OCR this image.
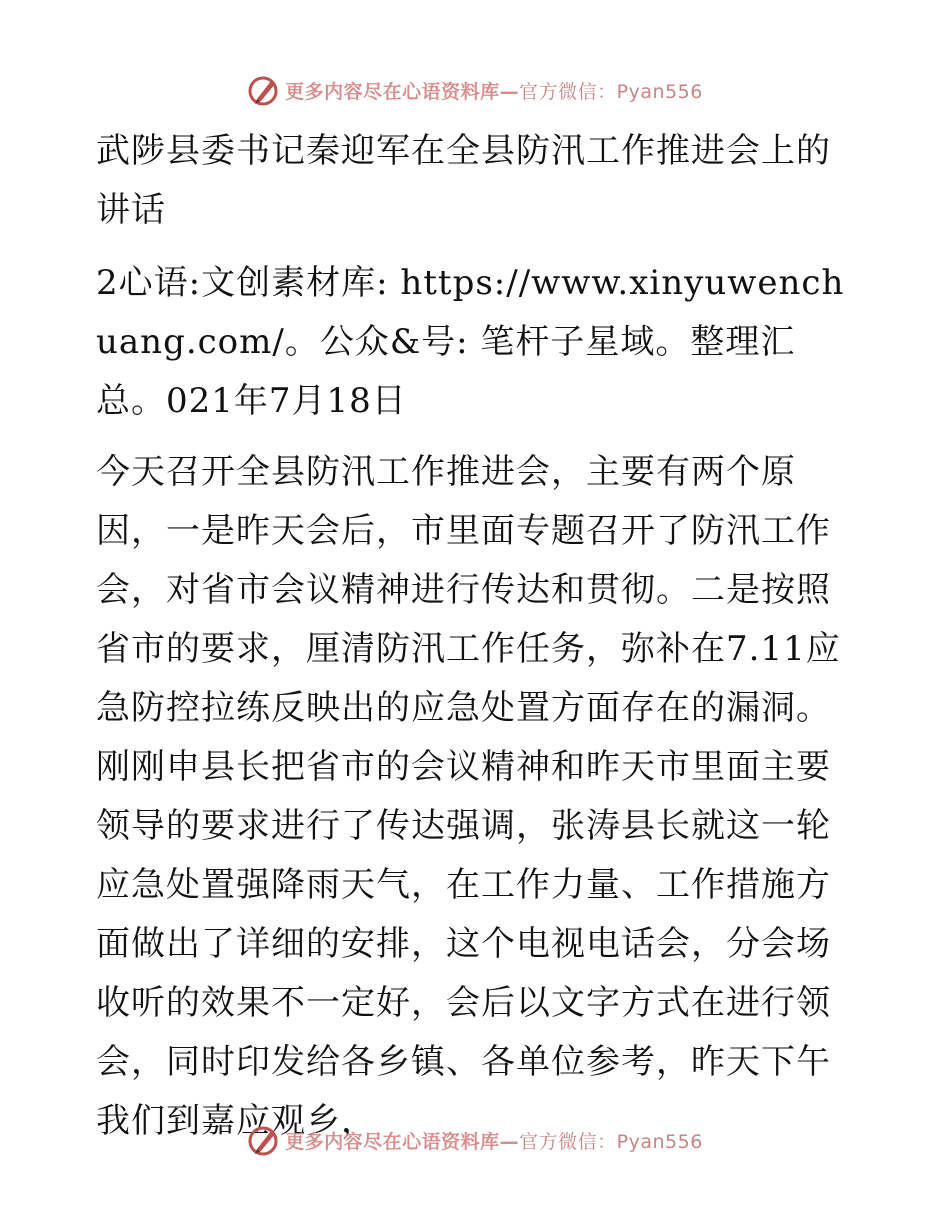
更多内容尽在心语资料库—官方微信：Pyan556

武陟县委书记秦迎军在全县防汛工作推进会上的讲话

2心语:文创素材库: https://www.xinyuwenchuang.com/。公众&号: 笔杆子星域。整理汇总。021年7月18日

今天召开全县防汛工作推进会，主要有两个原因，一是昨天会后，市里面专题召开了防汛工作会，对省市会议精神进行传达和贯彻。二是按照省市的要求，厘清防汛工作任务，弥补在7.11应急防控拉练反映出的应急处置方面存在的漏洞。刚刚申县长把省市的会议精神和昨天市里面主要领导的要求进行了传达强调，张涛县长就这一轮应急处置强降雨天气，在工作力量、工作措施方面做出了详细的安排，这个电视电话会，分会场收听的效果不一定好，会后以文字方式在进行领会，同时印发给各乡镇、各单位参考，昨天下午我们到嘉应观乡，

更多内容尽在心语资料库—官方微信：Pyan556
